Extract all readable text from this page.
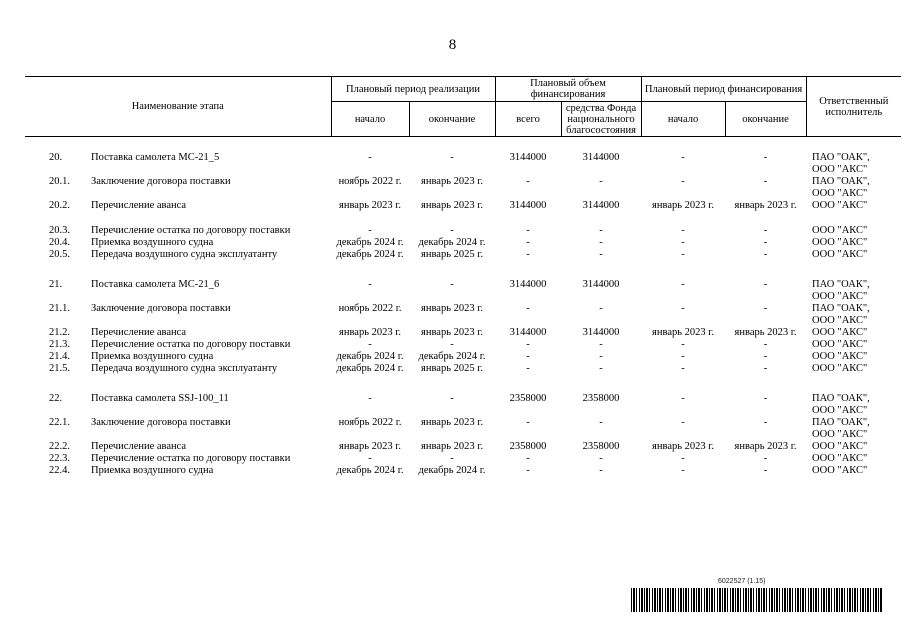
8
Наименование этапа		Плановый период реализации		Плановый объем финансирования		Плановый период финансирования		Ответственный исполнитель
		начало	окончание	всего	средства Фонда национального благосостояния	начало	окончание	

20.	Поставка самолета МС-21_5	-	-	3144000	3144000	-	-	ПАО "ОАК",
ООО "АКС"

20.1.	Заключение договора поставки	ноябрь 2022 г.	январь 2023 г.	-	-	-	-	ПАО "ОАК",
ООО "АКС"

20.2.	Перечисление аванса	январь 2023 г.	январь 2023 г.	3144000	3144000	январь 2023 г.	январь 2023 г.	ООО "АКС"

20.3.	Перечисление остатка по договору поставки	-	-	-	-	-	-	ООО "АКС"

20.4.	Приемка воздушного судна	декабрь 2024 г.	декабрь 2024 г.	-	-	-	-	ООО "АКС"

20.5.	Передача воздушного судна эксплуатанту	декабрь 2024 г.	январь 2025 г.	-	-	-	-	ООО "АКС"

21.	Поставка самолета МС-21_6	-	-	3144000	3144000	-	-	ПАО "ОАК",
ООО "АКС"

21.1.	Заключение договора поставки	ноябрь 2022 г.	январь 2023 г.	-	-	-	-	ПАО "ОАК",
ООО "АКС"

21.2.	Перечисление аванса	январь 2023 г.	январь 2023 г.	3144000	3144000	январь 2023 г.	январь 2023 г.	ООО "АКС"

21.3.	Перечисление остатка по договору поставки	-	-	-	-	-	-	ООО "АКС"

21.4.	Приемка воздушного судна	декабрь 2024 г.	декабрь 2024 г.	-	-	-	-	ООО "АКС"

21.5.	Передача воздушного судна эксплуатанту	декабрь 2024 г.	январь 2025 г.	-	-	-	-	ООО "АКС"

22.	Поставка самолета SSJ-100_11	-	-	2358000	2358000	-	-	ПАО "ОАК",
ООО "АКС"

22.1.	Заключение договора поставки	ноябрь 2022 г.	январь 2023 г.	-	-	-	-	ПАО "ОАК",
ООО "АКС"

22.2.	Перечисление аванса	январь 2023 г.	январь 2023 г.	2358000	2358000	январь 2023 г.	январь 2023 г.	ООО "АКС"

22.3.	Перечисление остатка по договору поставки	-	-	-	-	-	-	ООО "АКС"

22.4.	Приемка воздушного судна	декабрь 2024 г.	декабрь 2024 г.	-	-	-	-	ООО "АКС"
6022527 (1.15)
